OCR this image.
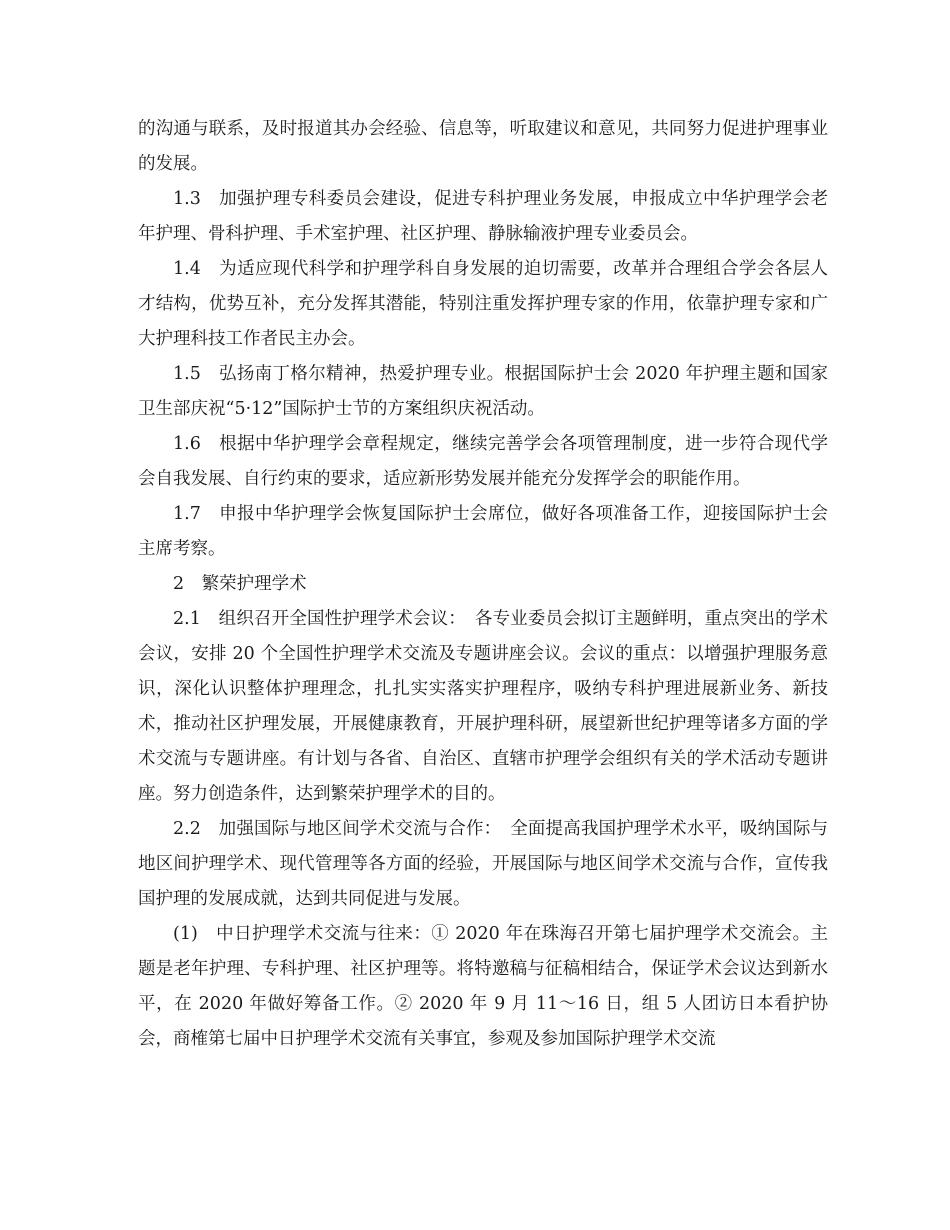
的沟通与联系，及时报道其办会经验、信息等，听取建议和意见，共同努力促进护理事业的发展。

1.3　加强护理专科委员会建设，促进专科护理业务发展，申报成立中华护理学会老年护理、骨科护理、手术室护理、社区护理、静脉输液护理专业委员会。

1.4　为适应现代科学和护理学科自身发展的迫切需要，改革并合理组合学会各层人才结构，优势互补，充分发挥其潜能，特别注重发挥护理专家的作用，依靠护理专家和广大护理科技工作者民主办会。

1.5　弘扬南丁格尔精神，热爱护理专业。根据国际护士会 2020 年护理主题和国家卫生部庆祝“5·12”国际护士节的方案组织庆祝活动。

1.6　根据中华护理学会章程规定，继续完善学会各项管理制度，进一步符合现代学会自我发展、自行约束的要求，适应新形势发展并能充分发挥学会的职能作用。

1.7　申报中华护理学会恢复国际护士会席位，做好各项准备工作，迎接国际护士会主席考察。

2　繁荣护理学术

2.1　组织召开全国性护理学术会议：　各专业委员会拟订主题鲜明，重点突出的学术会议，安排 20 个全国性护理学术交流及专题讲座会议。会议的重点：以增强护理服务意识，深化认识整体护理理念，扎扎实实落实护理程序，吸纳专科护理进展新业务、新技术，推动社区护理发展，开展健康教育，开展护理科研，展望新世纪护理等诸多方面的学术交流与专题讲座。有计划与各省、自治区、直辖市护理学会组织有关的学术活动专题讲座。努力创造条件，达到繁荣护理学术的目的。

2.2　加强国际与地区间学术交流与合作：　全面提高我国护理学术水平，吸纳国际与地区间护理学术、现代管理等各方面的经验，开展国际与地区间学术交流与合作，宣传我国护理的发展成就，达到共同促进与发展。

(1)　中日护理学术交流与往来：① 2020 年在珠海召开第七届护理学术交流会。主题是老年护理、专科护理、社区护理等。将特邀稿与征稿相结合，保证学术会议达到新水平，在 2020 年做好筹备工作。② 2020 年 9 月 11～16 日，组 5 人团访日本看护协会，商榷第七届中日护理学术交流有关事宜，参观及参加国际护理学术交流
